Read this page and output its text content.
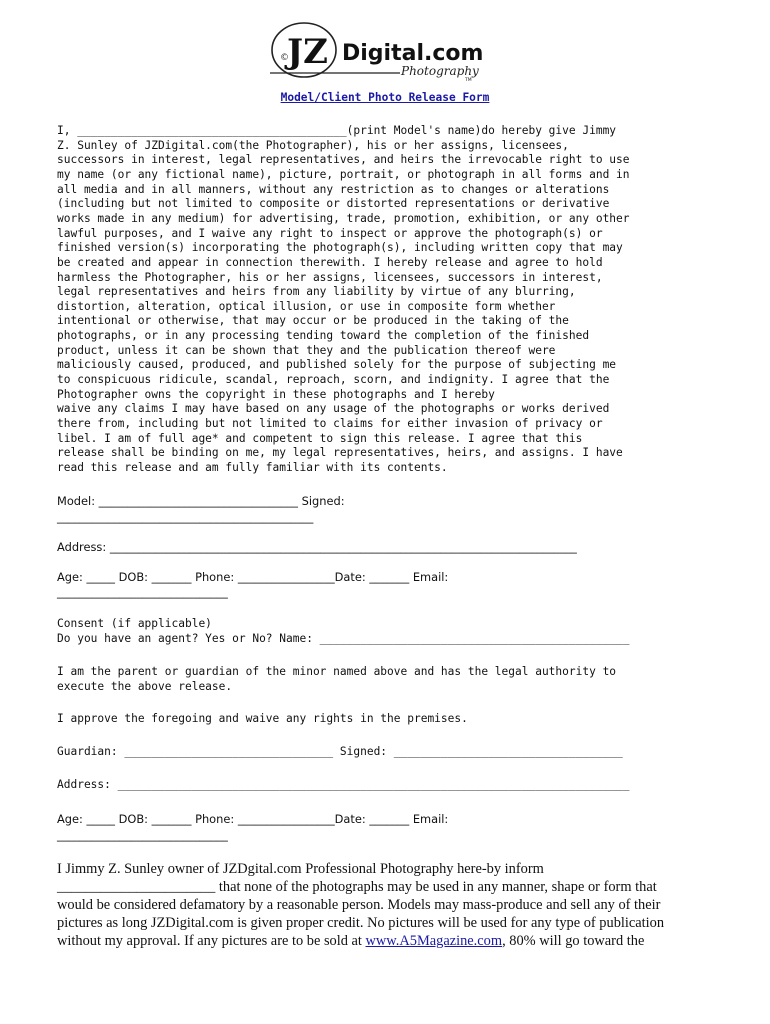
©
JZ Digital.com
Photography
TM
Model/Client Photo Release Form

I, ________________________________________(print Model's name)do hereby give Jimmy

Z. Sunley of JZDigital.com(the Photographer), his or her assigns, licensees,

successors in interest, legal representatives, and heirs the irrevocable right to use

my name (or any fictional name), picture, portrait, or photograph in all forms and in

all media and in all manners, without any restriction as to changes or alterations

(including but not limited to composite or distorted representations or derivative

works made in any medium) for advertising, trade, promotion, exhibition, or any other

lawful purposes, and I waive any right to inspect or approve the photograph(s) or

finished version(s) incorporating the photograph(s), including written copy that may

be created and appear in connection therewith. I hereby release and agree to hold

harmless the Photographer, his or her assigns, licensees, successors in interest,

legal representatives and heirs from any liability by virtue of any blurring,

distortion, alteration, optical illusion, or use in composite form whether

intentional or otherwise, that may occur or be produced in the taking of the

photographs, or in any processing tending toward the completion of the finished

product, unless it can be shown that they and the publication thereof were

maliciously caused, produced, and published solely for the purpose of subjecting me

to conspicuous ridicule, scandal, reproach, scorn, and indignity. I agree that the

Photographer owns the copyright in these photographs and I hereby

waive any claims I may have based on any usage of the photographs or works derived

there from, including but not limited to claims for either invasion of privacy or

libel. I am of full age* and competent to sign this release. I agree that this

release shall be binding on me, my legal representatives, heirs, and assigns. I have

read this release and am fully familiar with its contents.

Model: ___________________________________ Signed:

_____________________________________________

Address: __________________________________________________________________________________

Age: _____ DOB: _______ Phone: _________________Date: _______ Email:

______________________________

Consent (if applicable)

Do you have an agent? Yes or No? Name: ______________________________________________

I am the parent or guardian of the minor named above and has the legal authority to

execute the above release.

I approve the foregoing and waive any rights in the premises.

Guardian: _______________________________ Signed: __________________________________

Address: ____________________________________________________________________________

Age: _____ DOB: _______ Phone: _________________Date: _______ Email:

______________________________

I Jimmy Z. Sunley owner of JZDgital.com Professional Photography here-by inform

______________________ that none of the photographs may be used in any manner, shape or form that

would be considered defamatory by a reasonable person. Models may mass-produce and sell any of their

pictures as long JZDigital.com is given proper credit. No pictures will be used for any type of publication

without my approval. If any pictures are to be sold at www.A5Magazine.com, 80% will go toward the
